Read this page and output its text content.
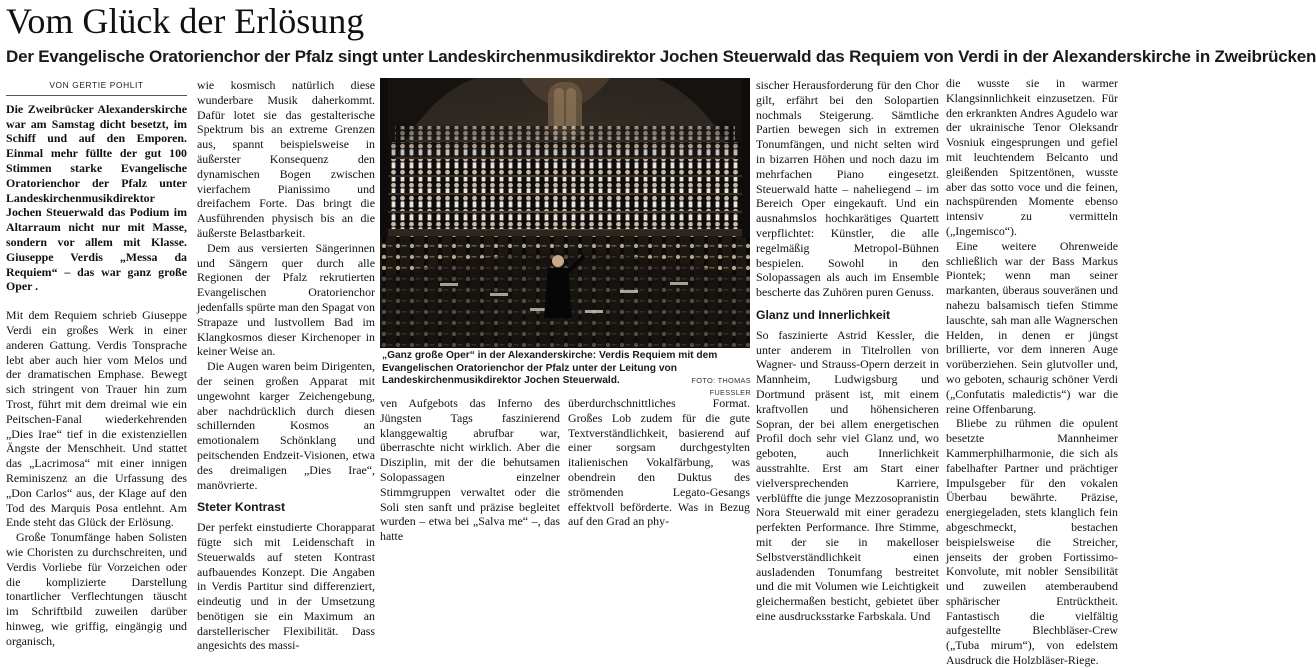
Vom Glück der Erlösung
Der Evangelische Oratorienchor der Pfalz singt unter Landeskirchenmusikdirektor Jochen Steuerwald das Requiem von Verdi in der Alexanderskirche in Zweibrücken
VON GERTIE POHLIT

Die Zweibrücker Alexanderskirche war am Samstag dicht besetzt, im Schiff und auf den Emporen. Einmal mehr füllte der gut 100 Stimmen starke Evangelische Oratorienchor der Pfalz unter Landeskirchenmusikdirektor Jochen Steuerwald das Podium im Altarraum nicht nur mit Masse, sondern vor allem mit Klasse. Giuseppe Verdis „Messa da Requiem“ – das war ganz große Oper .

Mit dem Requiem schrieb Giuseppe Verdi ein großes Werk in einer anderen Gattung. Verdis Tonsprache lebt aber auch hier vom Melos und der dramatischen Emphase. Bewegt sich stringent von Trauer hin zum Trost, führt mit dem dreimal wie ein Peitschen-Fanal wiederkehrenden „Dies Irae“ tief in die existenziellen Ängste der Menschheit. Und stattet das „Lacrimosa“ mit einer innigen Reminiszenz an die Urfassung des „Don Carlos“ aus, der Klage auf den Tod des Marquis Posa entlehnt. Am Ende steht das Glück der Erlösung.

Große Tonumfänge haben Solisten wie Choristen zu durchschreiten, und Verdis Vorliebe für Vorzeichen oder die komplizierte Darstellung tonartlicher Verflechtungen täuscht im Schriftbild zuweilen darüber hinweg, wie griffig, eingängig und organisch,

wie kosmisch natürlich diese wunderbare Musik daherkommt. Dafür lotet sie das gestalterische Spektrum bis an extreme Grenzen aus, spannt beispielsweise in äußerster Konsequenz den dynamischen Bogen zwischen vierfachem Pianissimo und dreifachem Forte. Das bringt die Ausführenden physisch bis an die äußerste Belastbarkeit.

Dem aus versierten Sängerinnen und Sängern quer durch alle Regionen der Pfalz rekrutierten Evangelischen Oratorienchor jedenfalls spürte man den Spagat von Strapaze und lustvollem Bad im Klangkosmos dieser Kirchenoper in keiner Weise an.

Die Augen waren beim Dirigenten, der seinen großen Apparat mit ungewohnt karger Zeichengebung, aber nachdrücklich durch diesen schillernden Kosmos an emotionalem Schönklang und peitschenden Endzeit-Visionen, etwa des dreimaligen „Dies Irae“, manövrierte.

Steter Kontrast

Der perfekt einstudierte Chorapparat fügte sich mit Leidenschaft in Steuerwalds auf steten Kontrast aufbauendes Konzept. Die Angaben in Verdis Partitur sind differenziert, eindeutig und in der Umsetzung benötigen sie ein Maximum an darstellerischer Flexibilität. Dass angesichts des massi-

„Ganz große Oper“ in der Alexanderskirche: Verdis Requiem mit dem Evangelischen Oratorienchor der Pfalz unter der Leitung von Landeskirchenmusikdirektor Jochen Steuerwald.	FOTO: THOMAS FUESSLER

ven Aufgebots das Inferno des Jüngsten Tags faszinierend klanggewaltig abrufbar war, überraschte nicht wirklich. Aber die Disziplin, mit der die behutsamen Solopassagen einzelner Stimmgruppen verwaltet oder die Soli sten sanft und präzise begleitet wurden – etwa bei „Salva me“ –, das hatte

überdurchschnittliches Format. Großes Lob zudem für die gute Textverständlichkeit, basierend auf einer sorgsam durchgestylten italienischen Vokalfärbung, was obendrein den Duktus des strömenden Legato-Gesangs effektvoll beförderte. Was in Bezug auf den Grad an phy-

sischer Herausforderung für den Chor gilt, erfährt bei den Solopartien nochmals Steigerung. Sämtliche Partien bewegen sich in extremen Tonumfängen, und nicht selten wird in bizarren Höhen und noch dazu im mehrfachen Piano eingesetzt. Steuerwald hatte – naheliegend – im Bereich Oper eingekauft. Und ein ausnahmslos hochkarätiges Quartett verpflichtet: Künstler, die alle regelmäßig Metropol-Bühnen bespielen. Sowohl in den Solopassagen als auch im Ensemble bescherte das Zuhören puren Genuss.

Glanz und Innerlichkeit

So faszinierte Astrid Kessler, die unter anderem in Titelrollen von Wagner- und Strauss-Opern derzeit in Mannheim, Ludwigsburg und Dortmund präsent ist, mit einem kraftvollen und höhensicheren Sopran, der bei allem energetischen Profil doch sehr viel Glanz und, wo geboten, auch Innerlichkeit ausstrahlte. Erst am Start einer vielversprechenden Karriere, verblüffte die junge Mezzosopranistin Nora Steuerwald mit einer geradezu perfekten Performance. Ihre Stimme, mit der sie in makelloser Selbstverständlichkeit einen ausladenden Tonumfang bestreitet und die mit Volumen wie Leichtigkeit gleichermaßen besticht, gebietet über eine ausdrucksstarke Farbskala. Und

die wusste sie in warmer Klangsinnlichkeit einzusetzen. Für den erkrankten Andres Agudelo war der ukrainische Tenor Oleksandr Vosniuk eingesprungen und gefiel mit leuchtendem Belcanto und gleißenden Spitzentönen, wusste aber das sotto voce und die feinen, nachspürenden Momente ebenso intensiv zu vermitteln („Ingemisco“).

Eine weitere Ohrenweide schließlich war der Bass Markus Piontek; wenn man seiner markanten, überaus souveränen und nahezu balsamisch tiefen Stimme lauschte, sah man alle Wagnerschen Helden, in denen er jüngst brillierte, vor dem inneren Auge vorüberziehen. Sein glutvoller und, wo geboten, schaurig schöner Verdi („Confutatis maledictis“) war die reine Offenbarung.

Bliebe zu rühmen die opulent besetzte Mannheimer Kammerphilharmonie, die sich als fabelhafter Partner und prächtiger Impulsgeber für den vokalen Überbau bewährte. Präzise, energiegeladen, stets klanglich fein abgeschmeckt, bestachen beispielsweise die Streicher, jenseits der groben Fortissimo-Konvolute, mit nobler Sensibilität und zuweilen atemberaubend sphärischer Entrücktheit. Fantastisch die vielfältig aufgestellte Blechbläser-Crew („Tuba mirum“), von edelstem Ausdruck die Holzbläser-Riege.
